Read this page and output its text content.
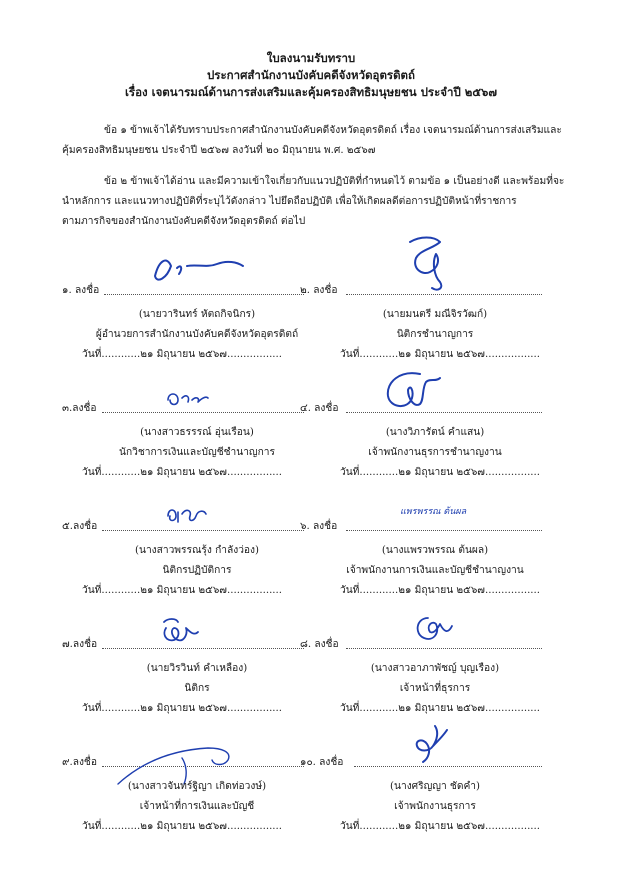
ใบลงนามรับทราบ
ประกาศสำนักงานบังคับคดีจังหวัดอุตรดิตถ์
เรื่อง เจตนารมณ์ด้านการส่งเสริมและคุ้มครองสิทธิมนุษยชน ประจำปี ๒๕๖๗

ข้อ ๑ ข้าพเจ้าได้รับทราบประกาศสำนักงานบังคับคดีจังหวัดอุตรดิตถ์ เรื่อง เจตนารมณ์ด้านการส่งเสริมและ

คุ้มครองสิทธิมนุษยชน ประจำปี ๒๕๖๗ ลงวันที่ ๒๐ มิถุนายน พ.ศ. ๒๕๖๗

ข้อ ๒ ข้าพเจ้าได้อ่าน และมีความเข้าใจเกี่ยวกับแนวปฏิบัติที่กำหนดไว้ ตามข้อ ๑ เป็นอย่างดี และพร้อมที่จะ

นำหลักการ และแนวทางปฏิบัติที่ระบุไว้ดังกล่าว ไปยึดถือปฏิบัติ เพื่อให้เกิดผลดีต่อการปฏิบัติหน้าที่ราชการ

ตามภารกิจของสำนักงานบังคับคดีจังหวัดอุตรดิตถ์ ต่อไป

๑. ลงชื่อ
(นายวารินทร์ หัตถกิจนิกร)
ผู้อำนวยการสำนักงานบังคับคดีจังหวัดอุตรดิตถ์
วันที่............๒๑ มิถุนายน ๒๕๖๗.................
๒. ลงชื่อ
(นายมนตรี มณีจิรวัฒก์)
นิติกรชำนาญการ
วันที่............๒๑ มิถุนายน ๒๕๖๗.................
๓.ลงชื่อ
(นางสาวธรรรณ์ อุ่นเรือน)
นักวิชาการเงินและบัญชีชำนาญการ
วันที่............๒๑ มิถุนายน ๒๕๖๗.................
๔. ลงชื่อ
(นางวิภารัตน์ คำแสน)
เจ้าพนักงานธุรการชำนาญงาน
วันที่............๒๑ มิถุนายน ๒๕๖๗.................
๕.ลงชื่อ
(นางสาวพรรณรุ้ง กำลังว่อง)
นิติกรปฏิบัติการ
วันที่............๒๑ มิถุนายน ๒๕๖๗.................
๖. ลงชื่อ
แพรพรรณ ต้นผล
(นางแพรวพรรณ ต้นผล)
เจ้าพนักงานการเงินและบัญชีชำนาญงาน
วันที่............๒๑ มิถุนายน ๒๕๖๗.................
๗.ลงชื่อ
(นายวิรวินท์ คำเหลือง)
นิติกร
วันที่............๒๑ มิถุนายน ๒๕๖๗.................
๘. ลงชื่อ
(นางสาวอาภาพัชญ์ บุญเรือง)
เจ้าหน้าที่ธุรการ
วันที่............๒๑ มิถุนายน ๒๕๖๗.................
๙.ลงชื่อ
(นางสาวจันทร์ฐิญา เกิดท่อวงษ์)
เจ้าหน้าที่การเงินและบัญชี
วันที่............๒๑ มิถุนายน ๒๕๖๗.................
๑๐. ลงชื่อ
(นางศริญญา ชัดคำ)
เจ้าพนักงานธุรการ
วันที่............๒๑ มิถุนายน ๒๕๖๗.................
